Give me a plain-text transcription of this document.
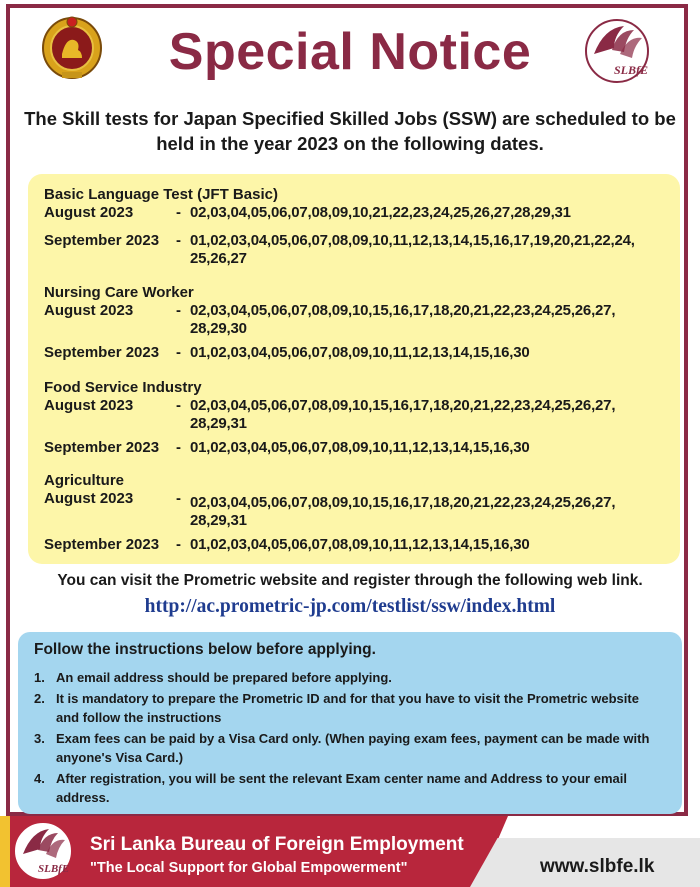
SLBfE
Special Notice
The Skill tests for Japan Specified Skilled Jobs (SSW) are scheduled to be held in the year 2023 on the following dates.
Basic Language Test (JFT Basic)
August 2023	- 02,03,04,05,06,07,08,09,10,21,22,23,24,25,26,27,28,29,31
September 2023	- 01,02,03,04,05,06,07,08,09,10,11,12,13,14,15,16,17,19,20,21,22,24, 25,26,27
Nursing Care Worker
August 2023	- 02,03,04,05,06,07,08,09,10,15,16,17,18,20,21,22,23,24,25,26,27, 28,29,30
September 2023	- 01,02,03,04,05,06,07,08,09,10,11,12,13,14,15,16,30
Food Service Industry
August 2023	- 02,03,04,05,06,07,08,09,10,15,16,17,18,20,21,22,23,24,25,26,27, 28,29,31
September 2023	- 01,02,03,04,05,06,07,08,09,10,11,12,13,14,15,16,30
Agriculture
August 2023	- 02,03,04,05,06,07,08,09,10,15,16,17,18,20,21,22,23,24,25,26,27, 28,29,31
September 2023	- 01,02,03,04,05,06,07,08,09,10,11,12,13,14,15,16,30
You can visit the Prometric website and register through the following web link.
http://ac.prometric-jp.com/testlist/ssw/index.html
Follow the instructions below before applying.
1. An email address should be prepared before applying.
2. It is mandatory to prepare the Prometric ID and for that you have to visit the Prometric website and follow the instructions
3. Exam fees can be paid by a Visa Card only. (When paying exam fees, payment can be made with anyone's Visa Card.)
4. After registration, you will be sent the relevant Exam center name and Address to your email address.
SLBfE
Sri Lanka Bureau of Foreign Employment
"The Local Support for Global Empowerment"	www.slbfe.lk
